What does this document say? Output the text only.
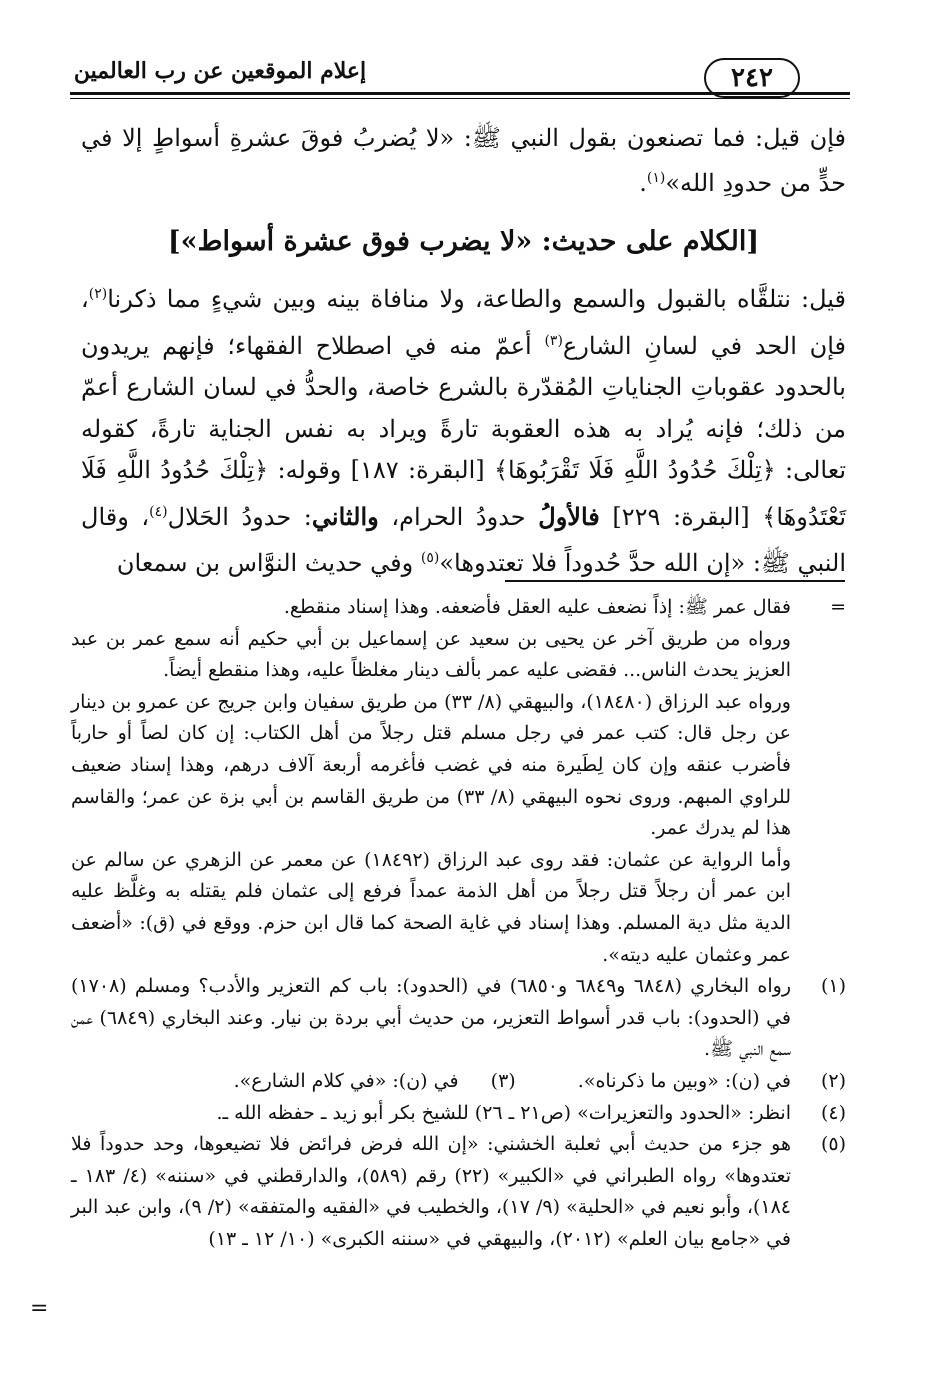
إعلام الموقعين عن رب العالمين	٢٤٢
فإن قيل: فما تصنعون بقول النبي ﷺ: «لا يُضربُ فوقَ عشرةِ أسواطٍ إلا في حدٍّ من حدودِ الله»$^{(١)}$.
[الكلام على حديث: «لا يضرب فوق عشرة أسواط»]
قيل: نتلقَّاه بالقبول والسمع والطاعة، ولا منافاة بينه وبين شيءٍ مما ذكرنا$^{(٢)}$، فإن الحد في لسانِ الشارع$^{(٣)}$ أعمّ منه في اصطلاح الفقهاء؛ فإنهم يريدون بالحدود عقوباتِ الجناياتِ المُقدّرة بالشرع خاصة، والحدُّ في لسان الشارع أعمّ من ذلك؛ فإنه يُراد به هذه العقوبة تارةً ويراد به نفس الجناية تارةً، كقوله تعالى: ﴿تِلْكَ حُدُودُ اللَّهِ فَلَا تَقْرَبُوهَا﴾ [البقرة: ١٨٧] وقوله: ﴿تِلْكَ حُدُودُ اللَّهِ فَلَا تَعْتَدُوهَا﴾ [البقرة: ٢٢٩] فالأولُ حدودُ الحرام، والثاني: حدودُ الحَلال$^{(٤)}$، وقال النبي ﷺ: «إن الله حدَّ حُدوداً فلا تعتدوها»$^{(٥)}$ وفي حديث النوَّاس بن سمعان

=
فقال عمر ﷺ: إذاً نضعف عليه العقل فأضعفه. وهذا إسناد منقطع.

ورواه من طريق آخر عن يحيى بن سعيد عن إسماعيل بن أبي حكيم أنه سمع عمر بن عبد العزيز يحدث الناس... فقضى عليه عمر بألف دينار مغلظاً عليه، وهذا منقطع أيضاً.

ورواه عبد الرزاق (١٨٤٨٠)، والبيهقي (٨/ ٣٣) من طريق سفيان وابن جريج عن عمرو بن دينار عن رجل قال: كتب عمر في رجل مسلم قتل رجلاً من أهل الكتاب: إن كان لصاً أو حارباً فأضرب عنقه وإن كان لِطَيرة منه في غضب فأغرمه أربعة آلاف درهم، وهذا إسناد ضعيف للراوي المبهم. وروى نحوه البيهقي (٨/ ٣٣) من طريق القاسم بن أبي بزة عن عمر؛ والقاسم هذا لم يدرك عمر.

وأما الرواية عن عثمان: فقد روى عبد الرزاق (١٨٤٩٢) عن معمر عن الزهري عن سالم عن ابن عمر أن رجلاً قتل رجلاً من أهل الذمة عمداً فرفع إلى عثمان فلم يقتله به وغلَّظ عليه الدية مثل دية المسلم. وهذا إسناد في غاية الصحة كما قال ابن حزم. ووقع في (ق): «أضعف عمر وعثمان عليه ديته».

(١)
رواه البخاري (٦٨٤٨ و٦٨٤٩ و٦٨٥٠) في (الحدود): باب كم التعزير والأدب؟ ومسلم (١٧٠٨) في (الحدود): باب قدر أسواط التعزير، من حديث أبي بردة بن نيار. وعند البخاري (٦٨٤٩) عمن سمع النبي ﷺ.

(٢)
في (ن): «وبين ما ذكرناه».  (٣)  في (ن): «في كلام الشارع».

(٤)
انظر: «الحدود والتعزيرات» (ص٢١ ـ ٢٦) للشيخ بكر أبو زيد ـ حفظه الله ـ.

(٥)
هو جزء من حديث أبي ثعلبة الخشني: «إن الله فرض فرائض فلا تضيعوها، وحد حدوداً فلا تعتدوها» رواه الطبراني في «الكبير» (٢٢) رقم (٥٨٩)، والدارقطني في «سننه» (٤/ ١٨٣ ـ ١٨٤)، وأبو نعيم في «الحلية» (٩/ ١٧)، والخطيب في «الفقيه والمتفقه» (٢/ ٩)، وابن عبد البر في «جامع بيان العلم» (٢٠١٢)، والبيهقي في «سننه الكبرى» (١٠/ ١٢ ـ ١٣)

=
